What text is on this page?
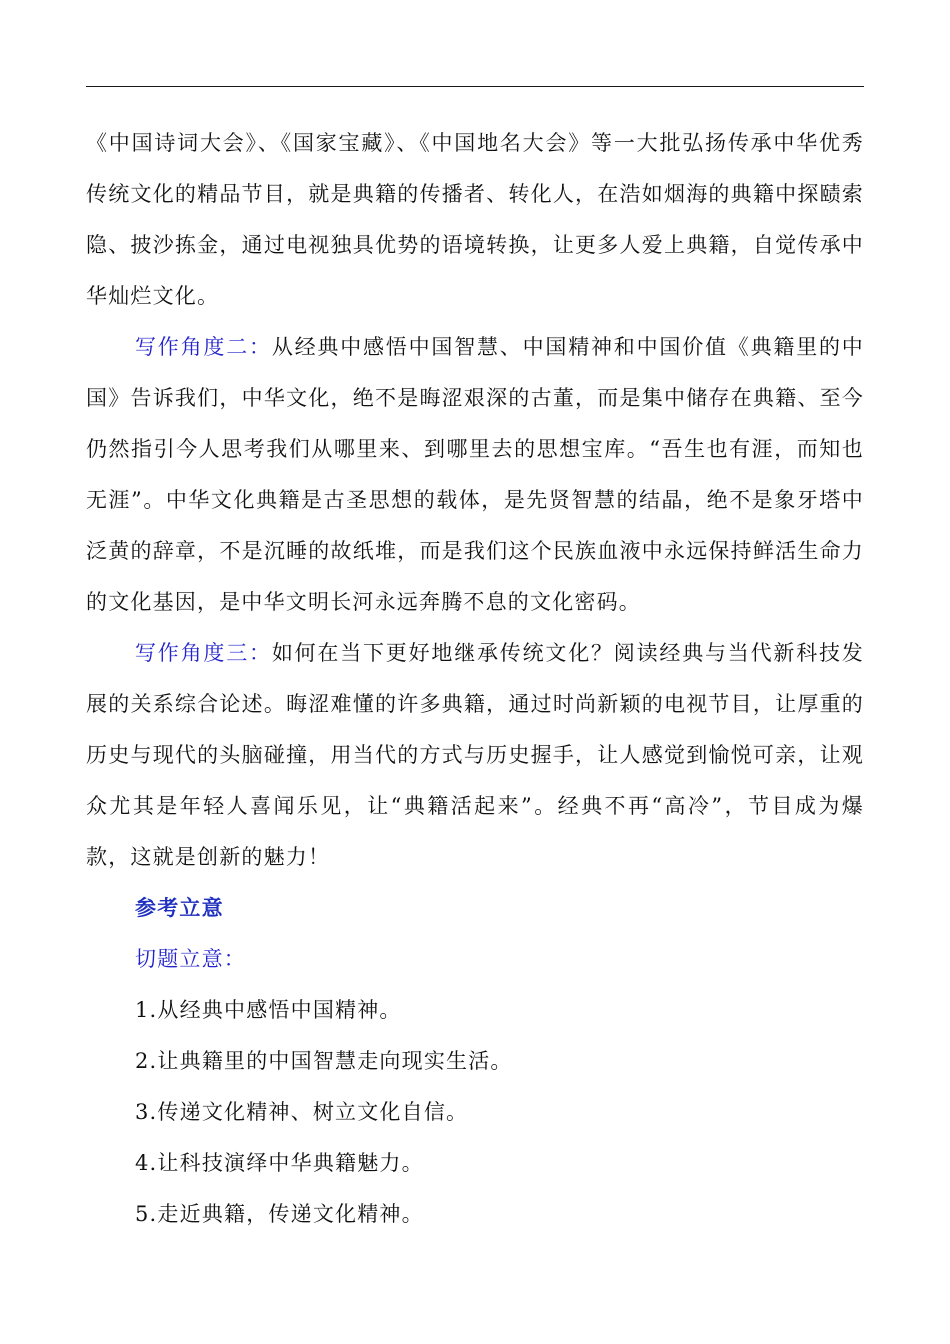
《中国诗词大会》、《国家宝藏》、《中国地名大会》等一大批弘扬传承中华优秀传统文化的精品节目，就是典籍的传播者、转化人，在浩如烟海的典籍中探赜索隐、披沙拣金，通过电视独具优势的语境转换，让更多人爱上典籍，自觉传承中华灿烂文化。

写作角度二：从经典中感悟中国智慧、中国精神和中国价值《典籍里的中国》告诉我们，中华文化，绝不是晦涩艰深的古董，而是集中储存在典籍、至今仍然指引今人思考我们从哪里来、到哪里去的思想宝库。“吾生也有涯，而知也无涯”。中华文化典籍是古圣思想的载体，是先贤智慧的结晶，绝不是象牙塔中泛黄的辞章，不是沉睡的故纸堆，而是我们这个民族血液中永远保持鲜活生命力的文化基因，是中华文明长河永远奔腾不息的文化密码。

写作角度三：如何在当下更好地继承传统文化？阅读经典与当代新科技发展的关系综合论述。晦涩难懂的许多典籍，通过时尚新颖的电视节目，让厚重的历史与现代的头脑碰撞，用当代的方式与历史握手，让人感觉到愉悦可亲，让观众尤其是年轻人喜闻乐见，让“典籍活起来”。经典不再“高冷”，节目成为爆款，这就是创新的魅力！

参考立意

切题立意：

1.从经典中感悟中国精神。

2.让典籍里的中国智慧走向现实生活。

3.传递文化精神、树立文化自信。

4.让科技演绎中华典籍魅力。

5.走近典籍，传递文化精神。
